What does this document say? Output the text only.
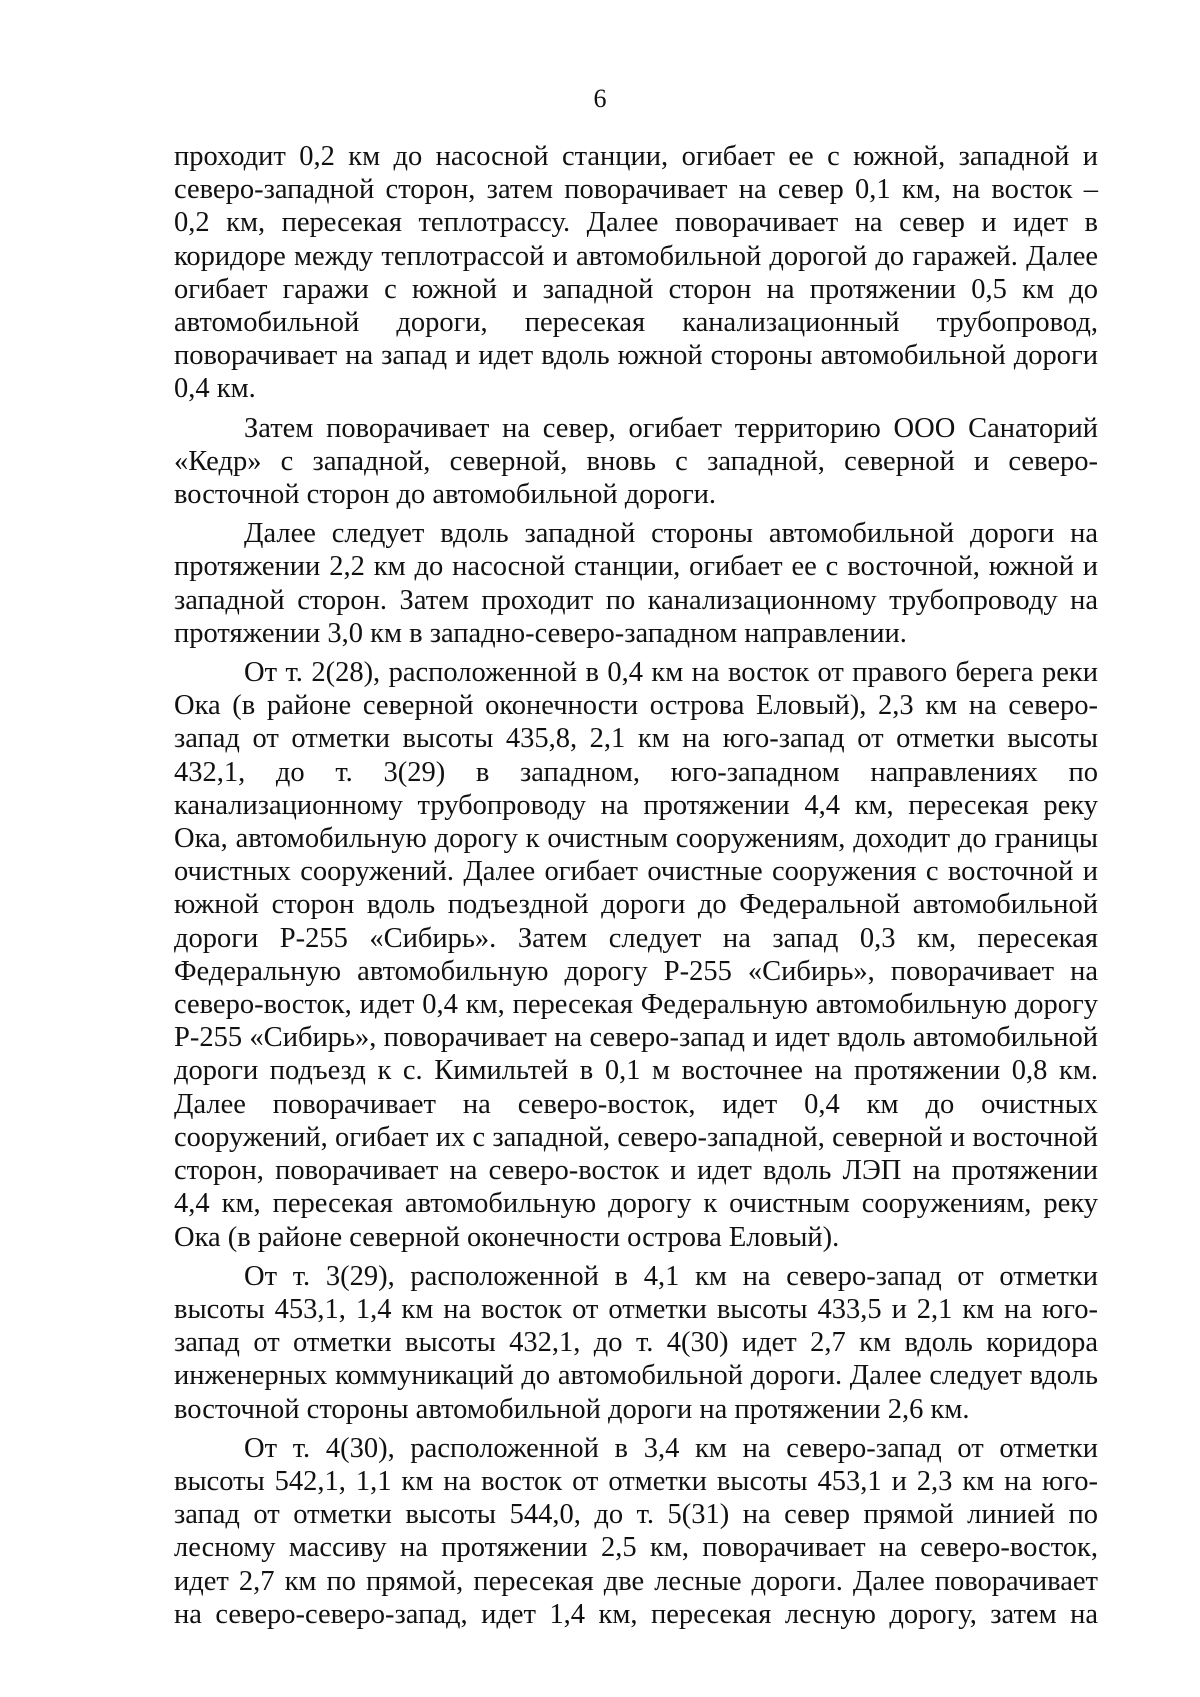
6

проходит 0,2 км до насосной станции, огибает ее с южной, западной и северо-западной сторон, затем поворачивает на север 0,1 км, на восток – 0,2 км, пересекая теплотрассу. Далее поворачивает на север и идет в коридоре между теплотрассой и автомобильной дорогой до гаражей. Далее огибает гаражи с южной и западной сторон на протяжении 0,5 км до автомобильной дороги, пересекая канализационный трубопровод, поворачивает на запад и идет вдоль южной стороны автомобильной дороги 0,4 км.

Затем поворачивает на север, огибает территорию ООО Санаторий «Кедр» с западной, северной, вновь с западной, северной и северо-восточной сторон до автомобильной дороги.

Далее следует вдоль западной стороны автомобильной дороги на протяжении 2,2 км до насосной станции, огибает ее с восточной, южной и западной сторон. Затем проходит по канализационному трубопроводу на протяжении 3,0 км в западно-северо-западном направлении.

От т. 2(28), расположенной в 0,4 км на восток от правого берега реки Ока (в районе северной оконечности острова Еловый), 2,3 км на северо-запад от отметки высоты 435,8, 2,1 км на юго-запад от отметки высоты 432,1, до т. 3(29) в западном, юго-западном направлениях по канализационному трубопроводу на протяжении 4,4 км, пересекая реку Ока, автомобильную дорогу к очистным сооружениям, доходит до границы очистных сооружений. Далее огибает очистные сооружения с восточной и южной сторон вдоль подъездной дороги до Федеральной автомобильной дороги Р-255 «Сибирь». Затем следует на запад 0,3 км, пересекая Федеральную автомобильную дорогу Р-255 «Сибирь», поворачивает на северо-восток, идет 0,4 км, пересекая Федеральную автомобильную дорогу Р-255 «Сибирь», поворачивает на северо-запад и идет вдоль автомобильной дороги подъезд к с. Кимильтей в 0,1 м восточнее на протяжении 0,8 км. Далее поворачивает на северо-восток, идет 0,4 км до очистных сооружений, огибает их с западной, северо-западной, северной и восточной сторон, поворачивает на северо-восток и идет вдоль ЛЭП на протяжении 4,4 км, пересекая автомобильную дорогу к очистным сооружениям, реку Ока (в районе северной оконечности острова Еловый).

От т. 3(29), расположенной в 4,1 км на северо-запад от отметки высоты 453,1, 1,4 км на восток от отметки высоты 433,5 и 2,1 км на юго-запад от отметки высоты 432,1, до т. 4(30) идет 2,7 км вдоль коридора инженерных коммуникаций до автомобильной дороги. Далее следует вдоль восточной стороны автомобильной дороги на протяжении 2,6 км.

От т. 4(30), расположенной в 3,4 км на северо-запад от отметки высоты 542,1, 1,1 км на восток от отметки высоты 453,1 и 2,3 км на юго-запад от отметки высоты 544,0, до т. 5(31) на север прямой линией по лесному массиву на протяжении 2,5 км, поворачивает на северо-восток, идет 2,7 км по прямой, пересекая две лесные дороги. Далее поворачивает на северо-северо-запад, идет 1,4 км, пересекая лесную дорогу, затем на
